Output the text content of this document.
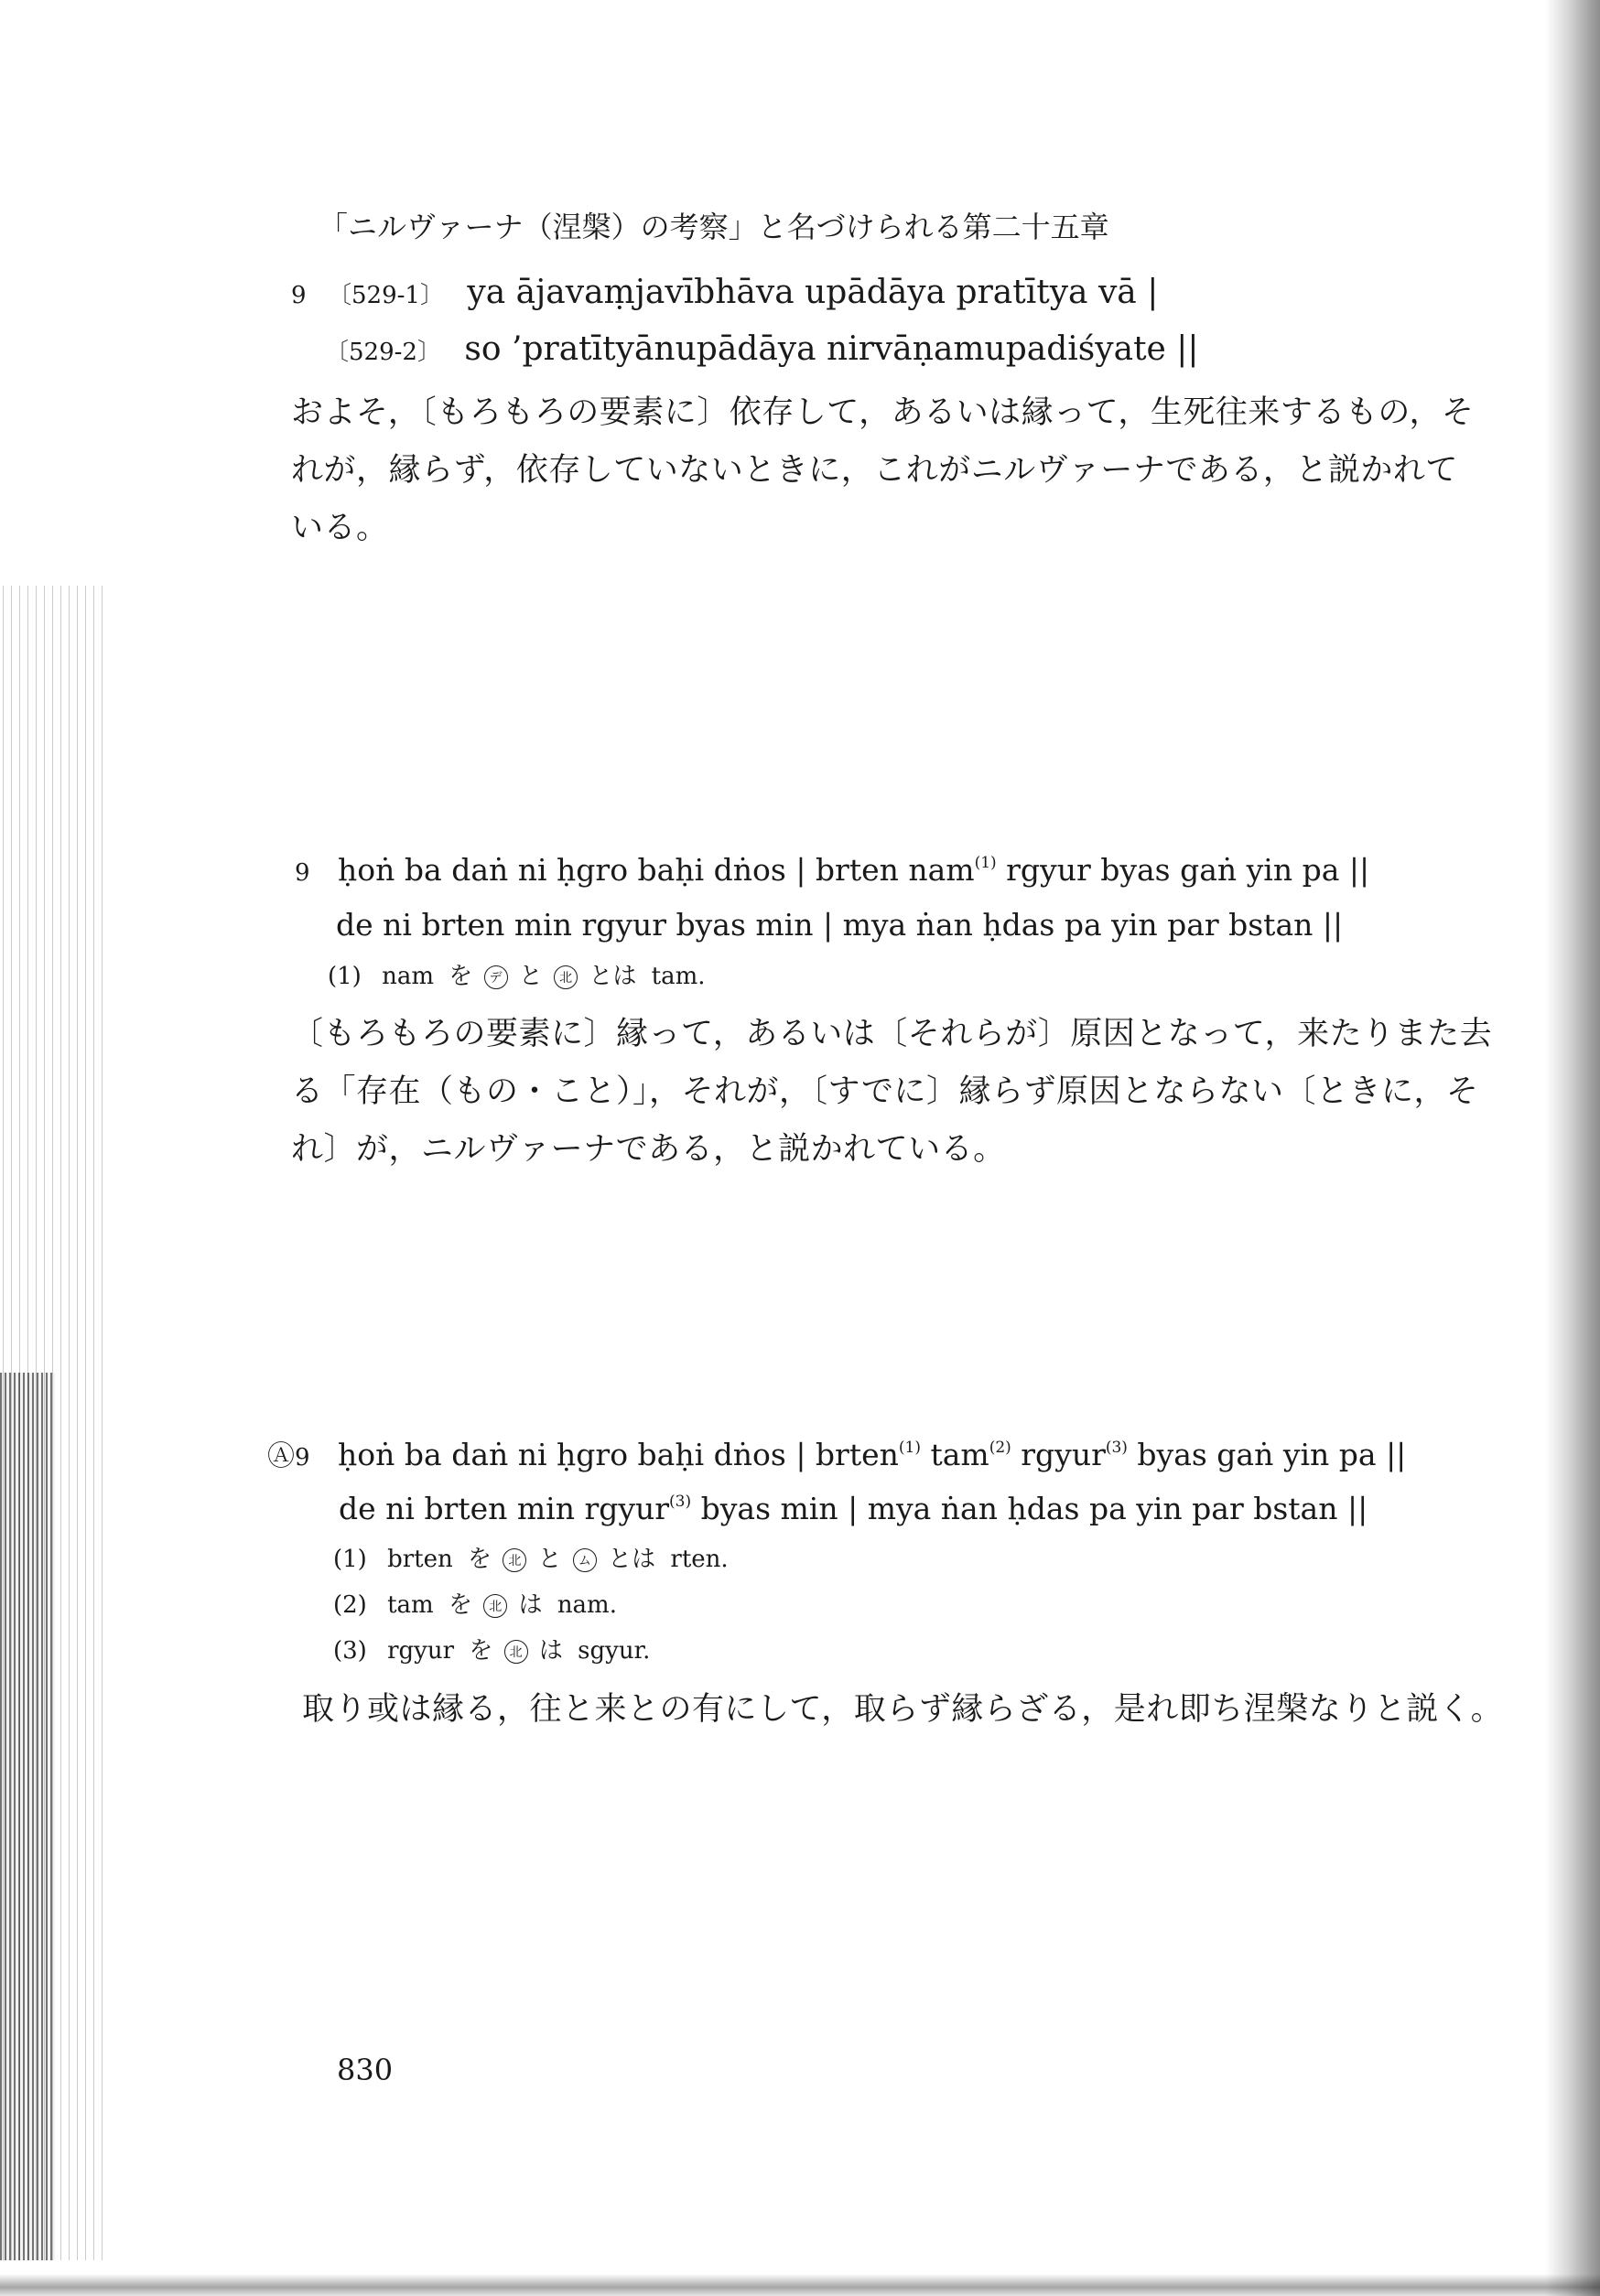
「ニルヴァーナ（涅槃）の考察」と名づけられる第二十五章
9 〔529-1〕 ya ājavaṃjavībhāva upādāya pratītya vā |
〔529-2〕 so ’pratītyānupādāya nirvāṇamupadiśyate ||
およそ，〔もろもろの要素に〕依存して，あるいは縁って，生死往来するもの，そ
れが，縁らず，依存していないときに，これがニルヴァーナである，と説かれて
いる。
9 ḥoṅ ba daṅ ni ḥgro baḥi dṅos | brten nam$^{(1)}$ rgyur byas gaṅ yin pa ||
de ni brten min rgyur byas min | mya ṅan ḥdas pa yin par bstan ||
(1) nam を デ と 北 とは tam.
〔もろもろの要素に〕縁って，あるいは〔それらが〕原因となって，来たりまた去
る「存在（もの・こと）」，それが，〔すでに〕縁らず原因とならない〔ときに，そ
れ〕が，ニルヴァーナである，と説かれている。
Ⓐ9 ḥoṅ ba daṅ ni ḥgro baḥi dṅos | brten$^{(1)}$ tam$^{(2)}$ rgyur$^{(3)}$ byas gaṅ yin pa ||
de ni brten min rgyur$^{(3)}$ byas min | mya ṅan ḥdas pa yin par bstan ||
(1) brten を 北 と ム とは rten.
(2) tam を 北 は nam.
(3) rgyur を 北 は sgyur.
取り或は縁る，往と来との有にして，取らず縁らざる，是れ即ち涅槃なりと説く。
830
